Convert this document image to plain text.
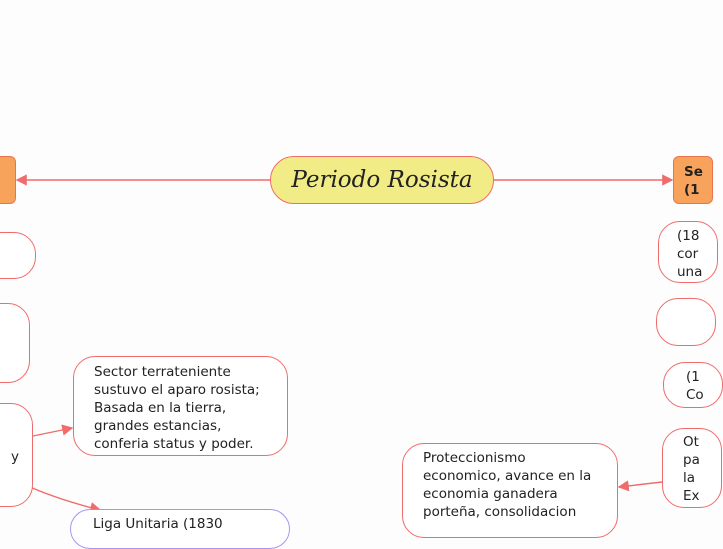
Periodo Rosista
y
Sector terrateniente sustuvo el aparo rosista; Basada en la tierra, grandes estancias, conferia status y poder.
Liga Unitaria (1830
Proteccionismo economico, avance en la economia ganadera porteña, consolidacion
Se
(1
(18
cor
una
(1
Co
Ot
pa
la
Ex
